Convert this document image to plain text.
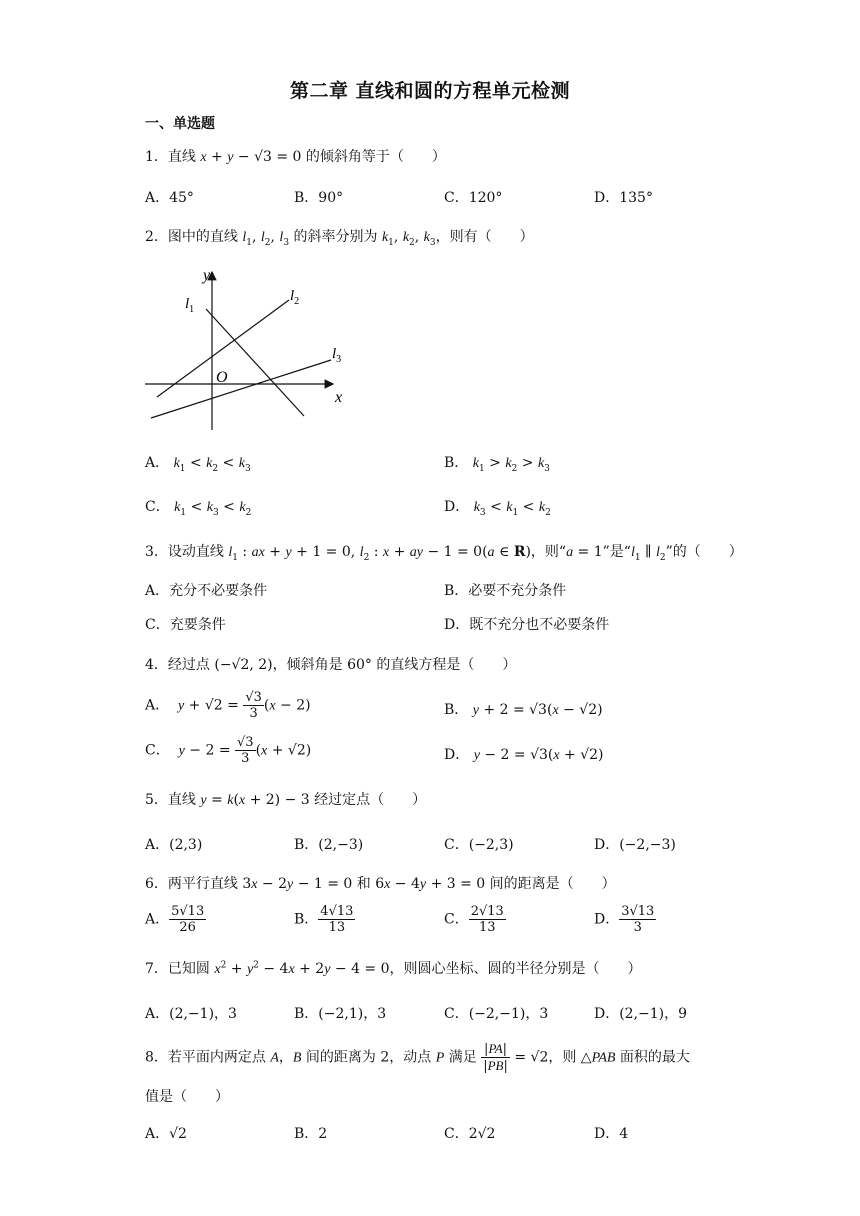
第二章 直线和圆的方程单元检测
一、单选题
1．直线 x + y − √3 = 0 的倾斜角等于（　　）
A．45°	B．90°	C．120°	D．135°
2．图中的直线 $l_1$, $l_2$, $l_3$ 的斜率分别为 $k_1$, $k_2$, $k_3$，则有（　　）
y
x
O
$l_1$
$l_2$
$l_3$
A． $k_1 < k_2 < k_3$	B． $k_1 > k_2 > k_3$
C． $k_1 < k_3 < k_2$	D． $k_3 < k_1 < k_2$
3．设动直线 $l_1$ : ax + y + 1 = 0, $l_2$ : x + ay − 1 = 0(a ∈ R)，则“a = 1”是“$l_1$ ∥ $l_2$”的（　　）
A．充分不必要条件	B．必要不充分条件
C．充要条件	D．既不充分也不必要条件
4．经过点 (−√2, 2)，倾斜角是 60° 的直线方程是（　　）
A．  $y + √2 = \frac{√3}{3} (x - 2)$	B． y + 2 = √3(x − √2)
C．  $y - 2 = \frac{√3}{3} (x + √2)$	D． y − 2 = √3(x + √2)
5．直线 y = k(x + 2) − 3 经过定点（　　）
A．(2,3)	B．(2,−3)	C．(−2,3)	D．(−2,−3)
6．两平行直线 3x − 2y − 1 = 0 和 6x − 4y + 3 = 0 间的距离是（　　）
A． $\frac{5√13}{26}$	B． $\frac{4√13}{13}$	C． $\frac{2√13}{13}$	D． $\frac{3√13}{3}$
7．已知圆 $x^2 + y^2 - 4x + 2y - 4 = 0$，则圆心坐标、圆的半径分别是（　　）
A．(2,−1)，3	B．(−2,1)，3	C．(−2,−1)，3	D．(2,−1)，9
8．若平面内两定点 A，B 间的距离为 2，动点 P 满足 $\frac{|PA|}{|PB|} = √2$，则 △PAB 面积的最大
值是（　　）
A．√2	B．2	C．2√2	D．4
